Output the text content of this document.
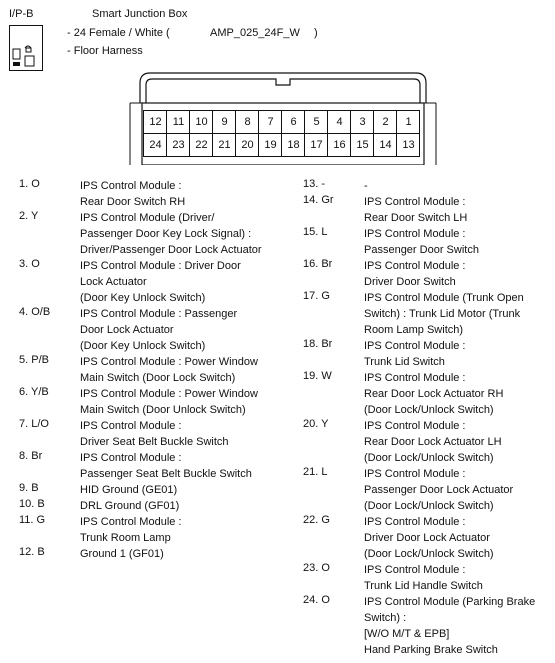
I/P-B	Smart Junction Box
- 24 Female / White (	AMP_025_24F_W )
- Floor Harness
12	11	10	9	8	7	6	5	4	3	2	1
24 23 22 21 20 19 18 17 16 15 14 13
1. O	IPS Control Module :
Rear Door Switch RH
2. Y	IPS Control Module (Driver/
Passenger Door Key Lock Signal) :
Driver/Passenger Door Lock Actuator
3. O	IPS Control Module : Driver Door
Lock Actuator
(Door Key Unlock Switch)
4. O/B	IPS Control Module : Passenger
Door Lock Actuator
(Door Key Unlock Switch)
5. P/B	IPS Control Module : Power Window
Main Switch (Door Lock Switch)
6. Y/B	IPS Control Module : Power Window
Main Switch (Door Unlock Switch)
7. L/O	IPS Control Module :
Driver Seat Belt Buckle Switch
8. Br	IPS Control Module :
Passenger Seat Belt Buckle Switch
9. B	HID Ground (GE01)
10. B	DRL Ground (GF01)
11. G	IPS Control Module :
Trunk Room Lamp
12. B	Ground 1 (GF01)
13. -	-
14. Gr	IPS Control Module :
Rear Door Switch LH
15. L	IPS Control Module :
Passenger Door Switch
16. Br	IPS Control Module :
Driver Door Switch
17. G	IPS Control Module (Trunk Open
Switch) : Trunk Lid Motor (Trunk
Room Lamp Switch)
18. Br	IPS Control Module :
Trunk Lid Switch
19. W	IPS Control Module :
Rear Door Lock Actuator RH
(Door Lock/Unlock Switch)
20. Y	IPS Control Module :
Rear Door Lock Actuator LH
(Door Lock/Unlock Switch)
21. L	IPS Control Module :
Passenger Door Lock Actuator
(Door Lock/Unlock Switch)
22. G	IPS Control Module :
Driver Door Lock Actuator
(Door Lock/Unlock Switch)
23. O	IPS Control Module :
Trunk Lid Handle Switch
24. O	IPS Control Module (Parking Brake
Switch) :
[W/O M/T & EPB]
Hand Parking Brake Switch
